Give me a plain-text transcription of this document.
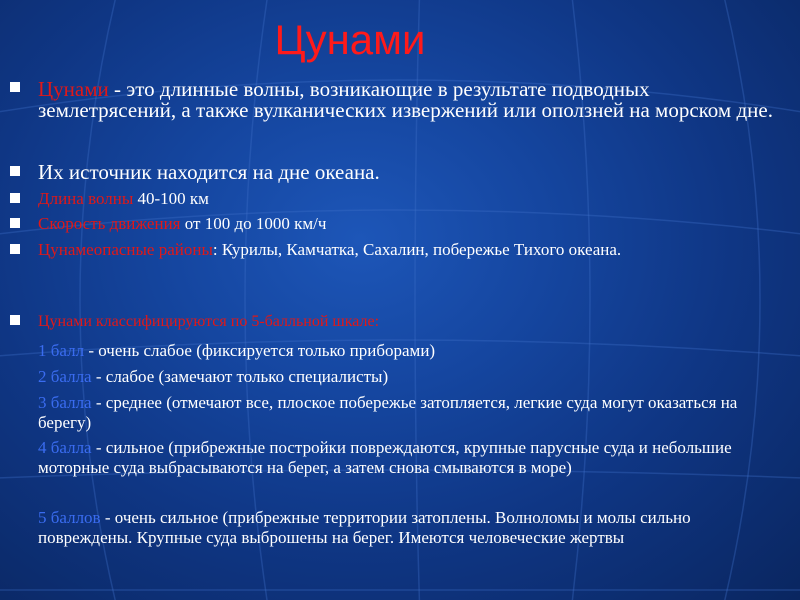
Цунами

Цунами - это длинные волны, возникающие в результате подводных землетрясений, а также вулканических извержений или оползней на морском дне.

Их источник находится на дне океана.

Длина волны 40-100 км

Скорость движения от 100 до 1000 км/ч

Цунамеопасные районы: Курилы, Камчатка, Сахалин, побережье Тихого океана.

Цунами классифицируются по 5-балльной шкале:

1 балл - очень слабое (фиксируется только приборами)

2 балла - слабое (замечают только специалисты)

3 балла - среднее (отмечают все, плоское побережье затопляется, легкие суда могут оказаться на берегу)

4 балла - сильное (прибрежные постройки повреждаются, крупные парусные суда и небольшие моторные суда выбрасываются на берег, а затем снова смываются в море)

5 баллов - очень сильное (прибрежные территории затоплены. Волноломы и молы сильно повреждены. Крупные суда выброшены на берег. Имеются человеческие жертвы
